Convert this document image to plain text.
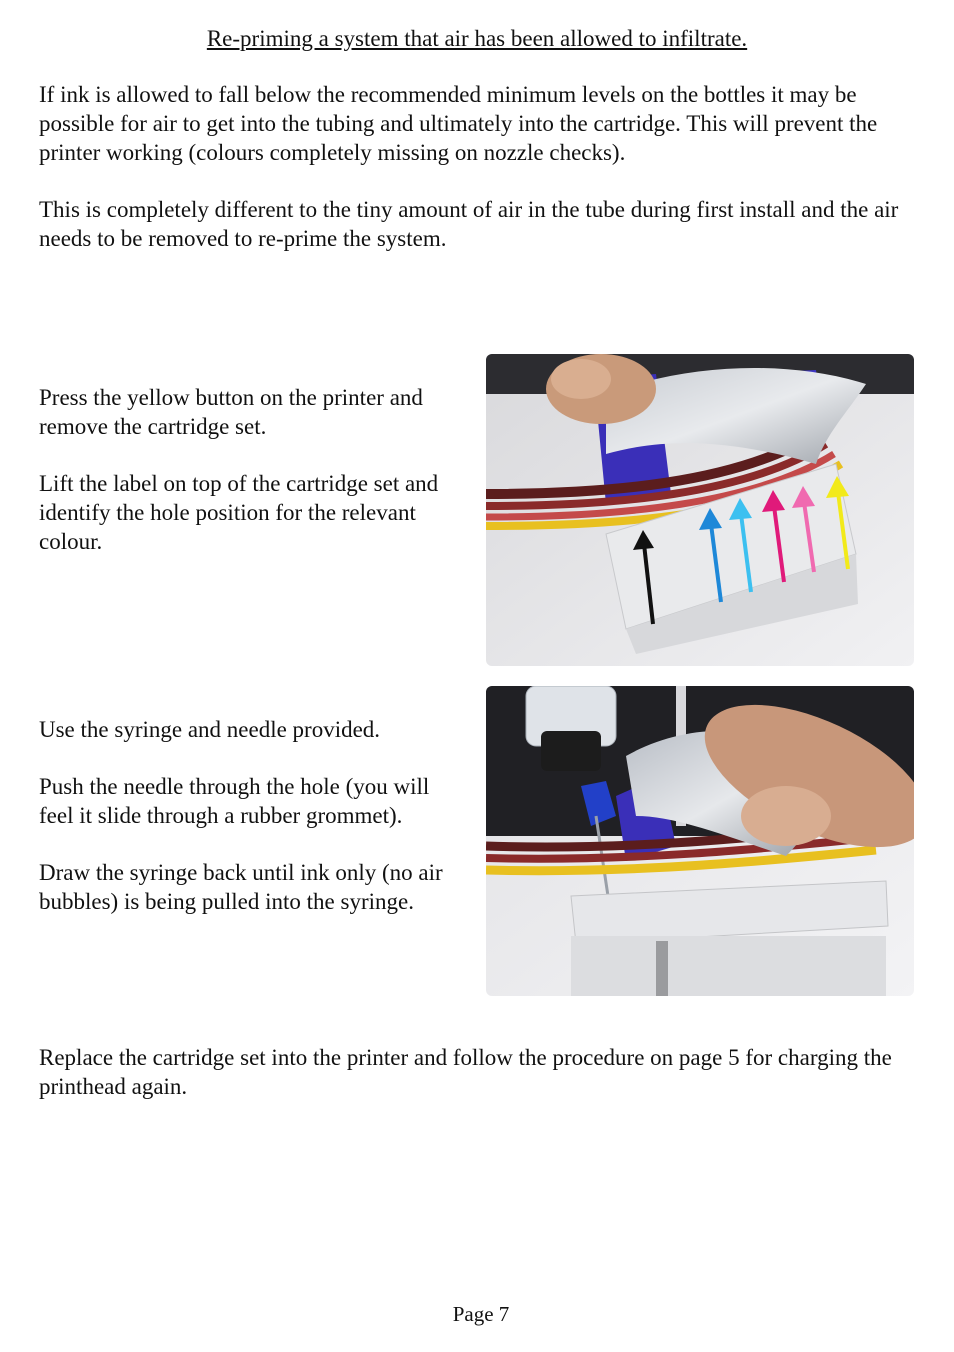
Re-priming a system that air has been allowed to infiltrate.

If ink is allowed to fall below the recommended minimum levels on the bottles it may be possible for air to get into the tubing and ultimately into the cartridge. This will prevent the printer working (colours completely missing on nozzle checks).

This is completely different to the tiny amount of air in the tube during first install and the air needs to be removed to re-prime the system.

Press the yellow button on the printer and remove the cartridge set.

Lift the label on top of the cartridge set and identify the hole position for the relevant colour.

Use the syringe and needle provided.

Push the needle through the hole (you will feel it slide through a rubber grommet).

Draw the syringe back until ink only (no air bubbles) is being pulled into the syringe.

Replace the cartridge set into the printer and follow the procedure on page 5 for charging the printhead again.

Page 7
